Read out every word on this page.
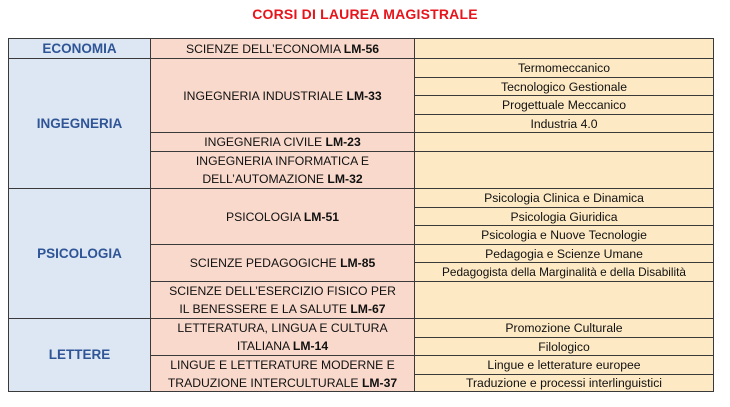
CORSI DI LAUREA MAGISTRALE
ECONOMIA	SCIENZE DELL’ECONOMIA LM-56
INGEGNERIA
INGEGNERIA INDUSTRIALE LM-33
Termomeccanico
Tecnologico Gestionale
Progettuale Meccanico
Industria 4.0
INGEGNERIA CIVILE LM-23
INGEGNERIA INFORMATICA E DELL’AUTOMAZIONE LM-32
PSICOLOGIA
PSICOLOGIA LM-51
Psicologia Clinica e Dinamica
Psicologia Giuridica
Psicologia e Nuove Tecnologie
SCIENZE PEDAGOGICHE LM-85
Pedagogia e Scienze Umane
Pedagogista della Marginalità e della Disabilità
SCIENZE DELL’ESERCIZIO FISICO PER IL BENESSERE E LA SALUTE LM-67
LETTERE
LETTERATURA, LINGUA E CULTURA ITALIANA LM-14
Promozione Culturale
Filologico
LINGUE E LETTERATURE MODERNE E TRADUZIONE INTERCULTURALE LM-37
Lingue e letterature europee
Traduzione e processi interlinguistici
